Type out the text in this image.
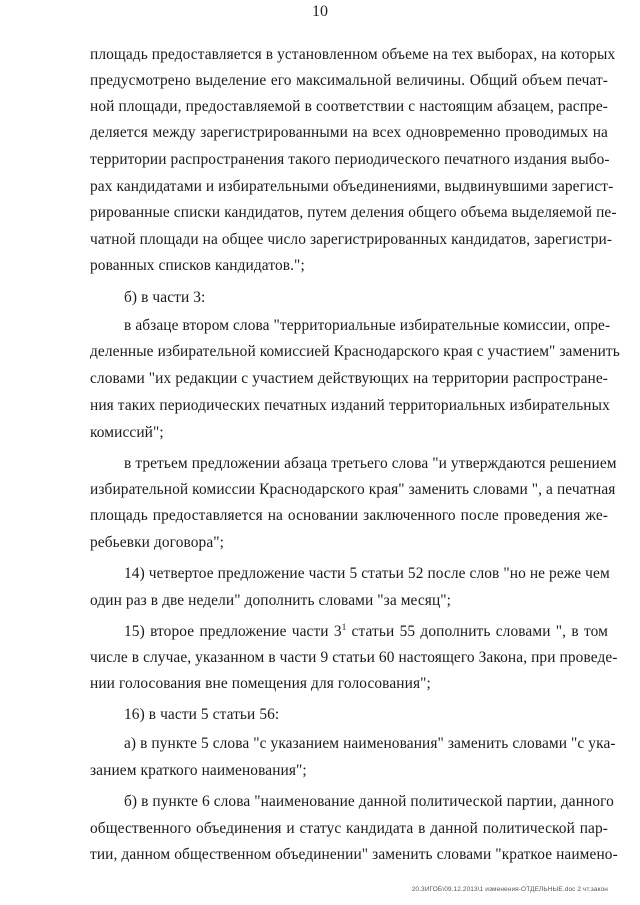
10
площадь предоставляется в установленном объеме на тех выборах, на которых
предусмотрено выделение его максимальной величины. Общий объем печат-
ной площади, предоставляемой в соответствии с настоящим абзацем, распре-
деляется между зарегистрированными на всех одновременно проводимых на
территории распространения такого периодического печатного издания выбо-
рах кандидатами и избирательными объединениями, выдвинувшими зарегист-
рированные списки кандидатов, путем деления общего объема выделяемой пе-
чатной площади на общее число зарегистрированных кандидатов, зарегистри-
рованных списков кандидатов.";
б) в части 3:
в абзаце втором слова "территориальные избирательные комиссии, опре-
деленные избирательной комиссией Краснодарского края с участием" заменить
словами "их редакции с участием действующих на территории распростране-
ния таких периодических печатных изданий территориальных избирательных
комиссий";
в третьем предложении абзаца третьего слова "и утверждаются решением
избирательной комиссии Краснодарского края" заменить словами ", а печатная
площадь предоставляется на основании заключенного после проведения же-
ребьевки договора";
14) четвертое предложение части 5 статьи 52 после слов "но не реже чем
один раз в две недели" дополнить словами "за месяц";
15) второе предложение части $3^1$ статьи 55 дополнить словами ", в том
числе в случае, указанном в части 9 статьи 60 настоящего Закона, при проведе-
нии голосования вне помещения для голосования";
16) в части 5 статьи 56:
а) в пункте 5 слова "с указанием наименования" заменить словами "с ука-
занием краткого наименования";
б) в пункте 6 слова "наименование данной политической партии, данного
общественного объединения и статус кандидата в данной политической пар-
тии, данном общественном объединении" заменить словами "краткое наимено-
20.3ИГОБ\09.12.2013\1 изменения-ОТДЕЛЬНЫЕ.doc 2 чт.закон
